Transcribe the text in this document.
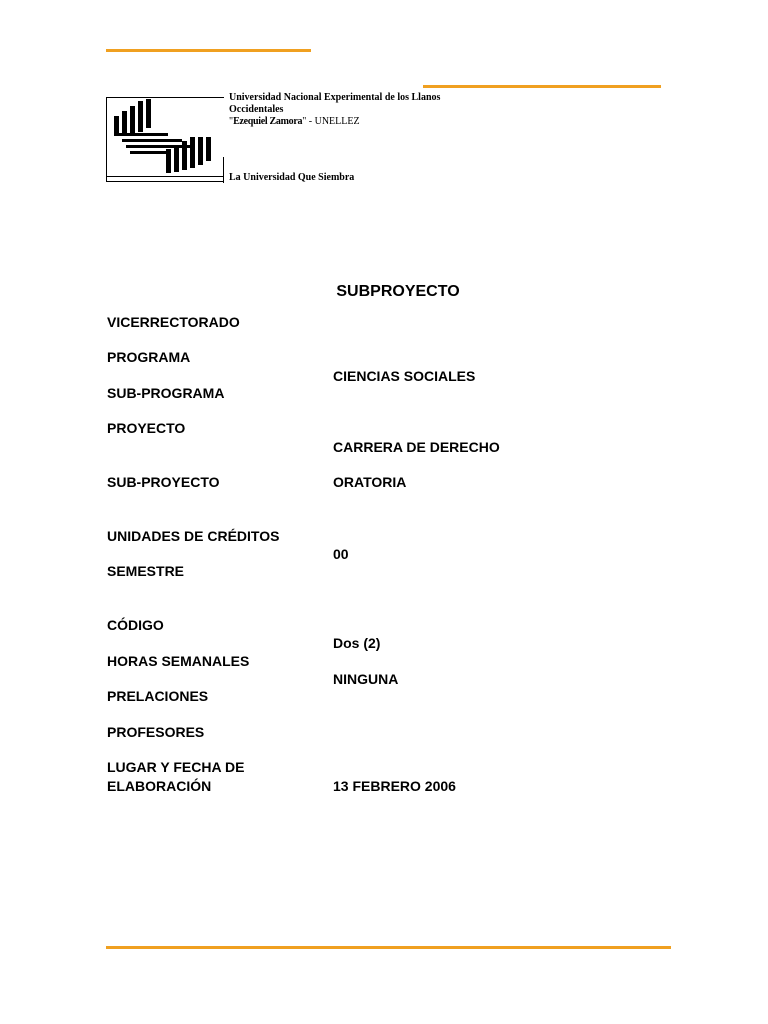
Universidad Nacional Experimental de los Llanos
Occidentales
"Ezequiel Zamora" - UNELLEZ
La Universidad Que Siembra
SUBPROYECTO
VICERRECTORADO
PROGRAMA
CIENCIAS SOCIALES
SUB-PROGRAMA
PROYECTO
CARRERA DE DERECHO
SUB-PROYECTO	ORATORIA
UNIDADES DE CRÉDITOS
00
SEMESTRE
CÓDIGO
Dos (2)
HORAS SEMANALES
NINGUNA
PRELACIONES
PROFESORES
LUGAR Y FECHA DE
ELABORACIÓN	13 FEBRERO 2006
